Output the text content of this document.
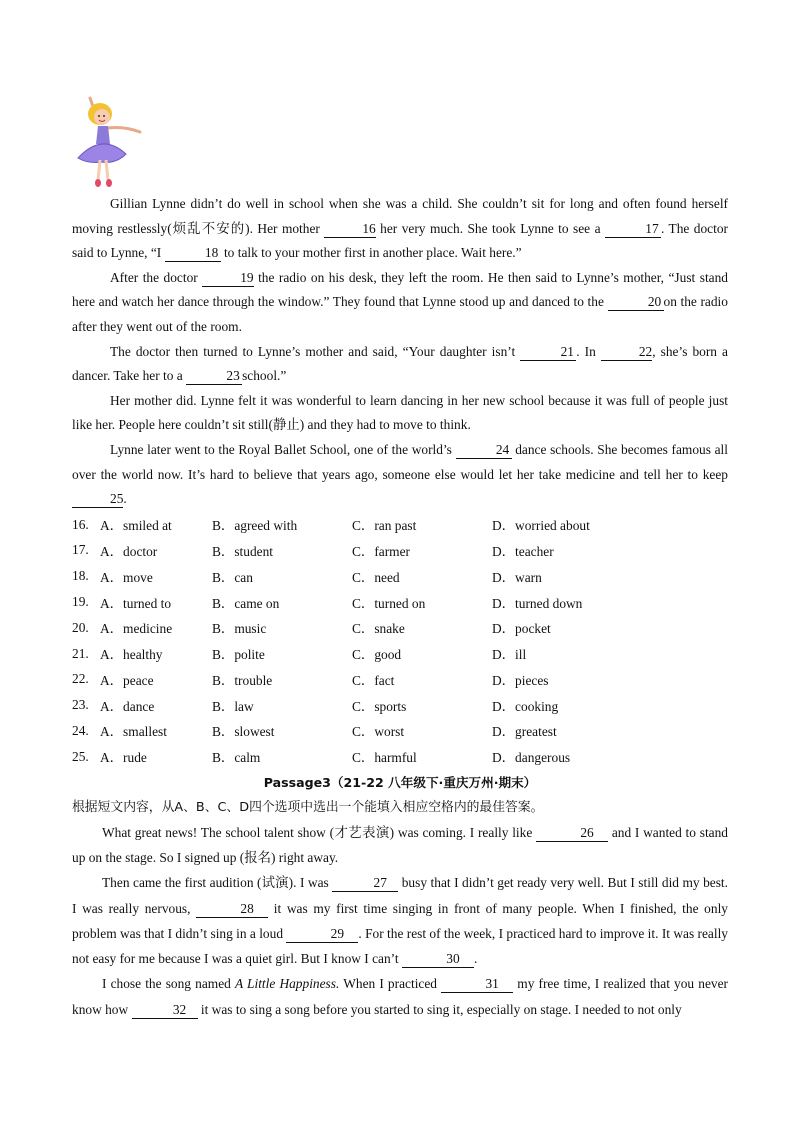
Gillian Lynne didn’t do well in school when she was a child. She couldn’t sit for long and often found herself moving restlessly(烦乱不安的). Her mother	16 her very much. She took Lynne to see a	17 . The doctor said to Lynne, “I	18 to talk to your mother first in another place. Wait here.”

After the doctor	19 the radio on his desk, they left the room. He then said to Lynne’s mother, “Just stand here and watch her dance through the window.” They found that Lynne stood up and danced to the	20 on the radio after they went out of the room.

The doctor then turned to Lynne’s mother and said, “Your daughter isn’t	21 . In	22, she’s born a dancer. Take her to a	23 school.”

Her mother did. Lynne felt it was wonderful to learn dancing in her new school because it was full of people just like her. People here couldn’t sit still(静止) and they had to move to think.

Lynne later went to the Royal Ballet School, one of the world’s	24 dance schools. She becomes famous all over the world now. It’s hard to believe that years ago, someone else would let her take medicine and tell her to keep 25.

16. A．smiled at	B．agreed with	C．ran past	D．worried about
17. A．doctor	B．student	C．farmer	D．teacher
18. A．move	B．can	C．need	D．warn
19. A．turned to	B．came on	C．turned on	D．turned down
20. A．medicine	B．music	C．snake	D．pocket
21. A．healthy	B．polite	C．good	D．ill
22. A．peace	B．trouble	C．fact	D．pieces
23. A．dance	B．law	C．sports	D．cooking
24. A．smallest	B．slowest	C．worst	D．greatest
25. A．rude	B．calm	C．harmful	D．dangerous
Passage3（21-22 八年级下·重庆万州·期末）

根据短文内容，从A、B、C、D四个选项中选出一个能填入相应空格内的最佳答案。

What great news! The school talent show (才艺表演) was coming. I really like	26 and I wanted to stand up on the stage. So I signed up (报名) right away.

Then came the first audition (试演). I was	27 busy that I didn’t get ready very well. But I still did my best. I was really nervous,	28 it was my first time singing in front of many people. When I finished, the only problem was that I didn’t sing in a loud	29 . For the rest of the week, I practiced hard to improve it. It was really not easy for me because I was a quiet girl. But I know I can’t	30 .

I chose the song named A Little Happiness. When I practiced	31 my free time, I realized that you never know how	32 it was to sing a song before you started to sing it, especially on stage. I needed to not only
